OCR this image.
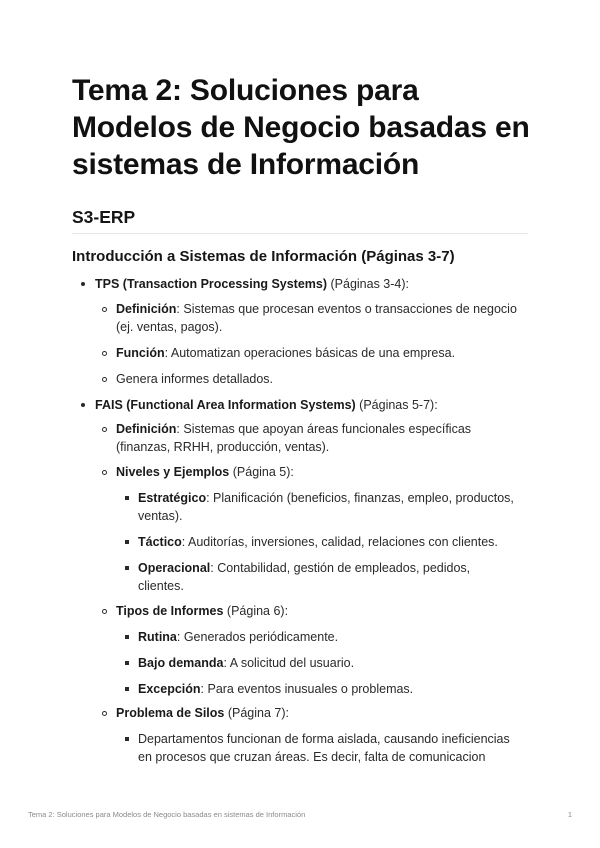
Tema 2: Soluciones para Modelos de Negocio basadas en sistemas de Información
S3-ERP
Introducción a Sistemas de Información (Páginas 3-7)
TPS (Transaction Processing Systems) (Páginas 3-4):
Definición: Sistemas que procesan eventos o transacciones de negocio
(ej. ventas, pagos).
Función: Automatizan operaciones básicas de una empresa.
Genera informes detallados.
FAIS (Functional Area Information Systems) (Páginas 5-7):
Definición: Sistemas que apoyan áreas funcionales específicas
(finanzas, RRHH, producción, ventas).
Niveles y Ejemplos (Página 5):
Estratégico: Planificación (beneficios, finanzas, empleo, productos,
ventas).
Táctico: Auditorías, inversiones, calidad, relaciones con clientes.
Operacional: Contabilidad, gestión de empleados, pedidos,
clientes.
Tipos de Informes (Página 6):
Rutina: Generados periódicamente.
Bajo demanda: A solicitud del usuario.
Excepción: Para eventos inusuales o problemas.
Problema de Silos (Página 7):
Departamentos funcionan de forma aislada, causando ineficiencias
en procesos que cruzan áreas. Es decir, falta de comunicacion
Tema 2: Soluciones para Modelos de Negocio basadas en sistemas de Información	1
